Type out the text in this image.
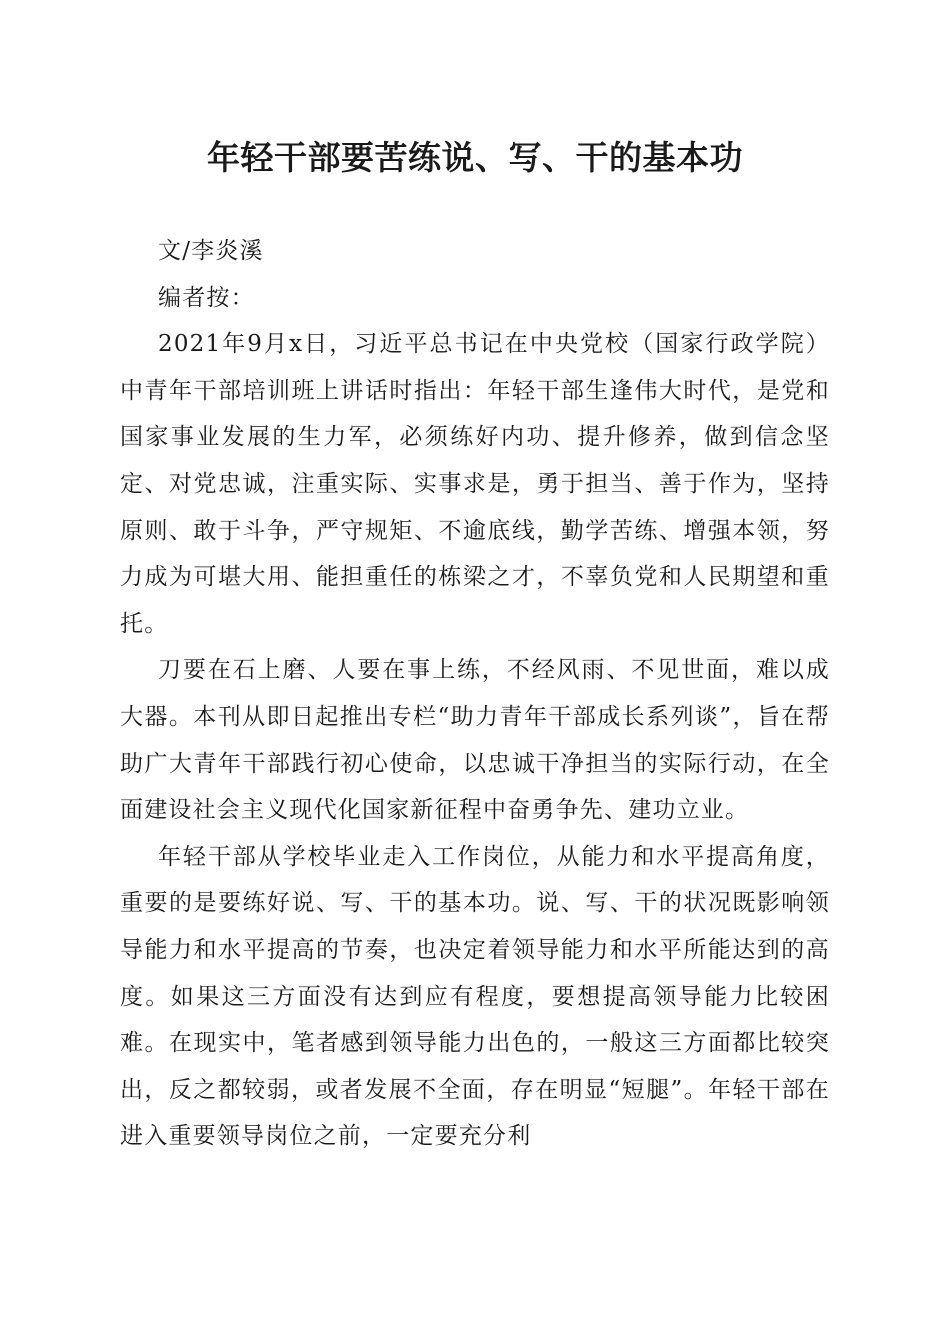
年轻干部要苦练说、写、干的基本功

文/李炎溪

编者按：

2021年9月x日，习近平总书记在中央党校（国家行政学院）中青年干部培训班上讲话时指出：年轻干部生逢伟大时代，是党和国家事业发展的生力军，必须练好内功、提升修养，做到信念坚定、对党忠诚，注重实际、实事求是，勇于担当、善于作为，坚持原则、敢于斗争，严守规矩、不逾底线，勤学苦练、增强本领，努力成为可堪大用、能担重任的栋梁之才，不辜负党和人民期望和重托。

刀要在石上磨、人要在事上练，不经风雨、不见世面，难以成大器。本刊从即日起推出专栏“助力青年干部成长系列谈”，旨在帮助广大青年干部践行初心使命，以忠诚干净担当的实际行动，在全面建设社会主义现代化国家新征程中奋勇争先、建功立业。

年轻干部从学校毕业走入工作岗位，从能力和水平提高角度，重要的是要练好说、写、干的基本功。说、写、干的状况既影响领导能力和水平提高的节奏，也决定着领导能力和水平所能达到的高度。如果这三方面没有达到应有程度，要想提高领导能力比较困难。在现实中，笔者感到领导能力出色的，一般这三方面都比较突出，反之都较弱，或者发展不全面，存在明显“短腿”。年轻干部在进入重要领导岗位之前，一定要充分利
